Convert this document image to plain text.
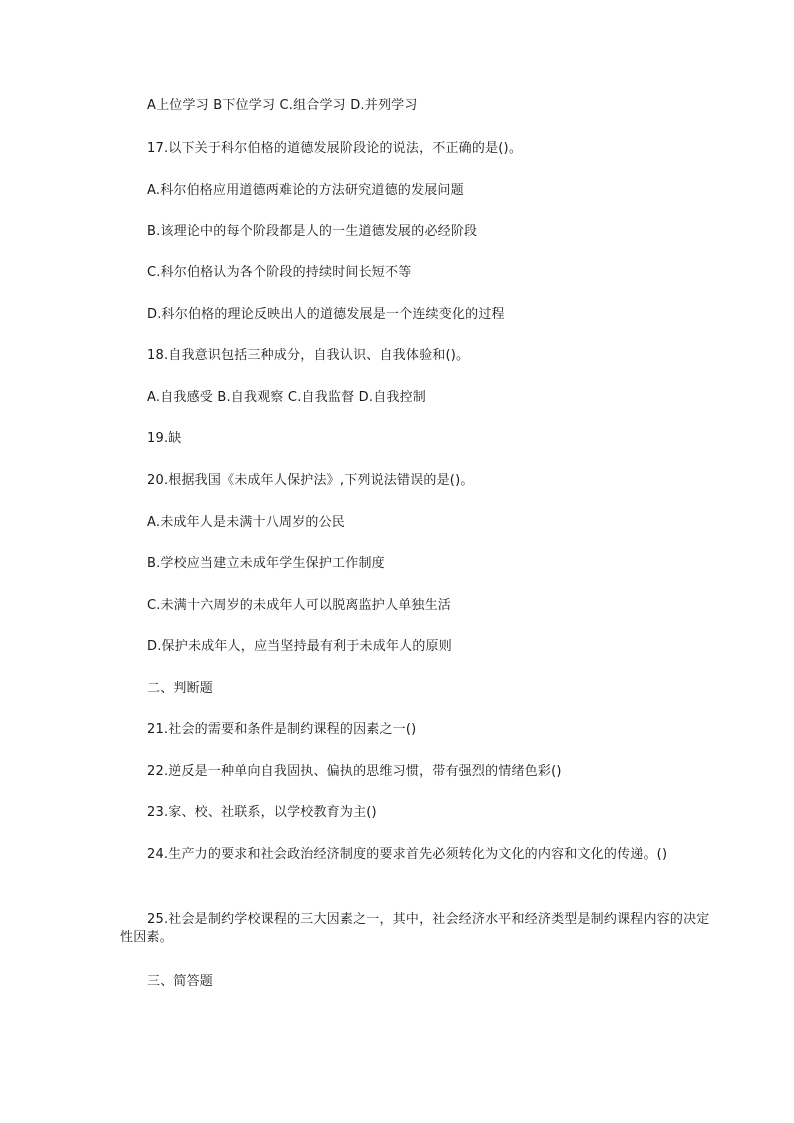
A上位学习 B下位学习 C.组合学习 D.并列学习
17.以下关于科尔伯格的道德发展阶段论的说法，不正确的是()。
A.科尔伯格应用道德两难论的方法研究道德的发展问题
B.该理论中的每个阶段都是人的一生道德发展的必经阶段
C.科尔伯格认为各个阶段的持续时间长短不等
D.科尔伯格的理论反映出人的道德发展是一个连续变化的过程
18.自我意识包括三种成分，自我认识、自我体验和()。
A.自我感受 B.自我观察 C.自我监督 D.自我控制
19.缺
20.根据我国《未成年人保护法》,下列说法错误的是()。
A.未成年人是未满十八周岁的公民
B.学校应当建立未成年学生保护工作制度
C.未满十六周岁的未成年人可以脱离监护人单独生活
D.保护未成年人，应当坚持最有利于未成年人的原则
二、判断题
21.社会的需要和条件是制约课程的因素之一()
22.逆反是一种单向自我固执、偏执的思维习惯，带有强烈的情绪色彩()
23.家、校、社联系，以学校教育为主()
24.生产力的要求和社会政治经济制度的要求首先必须转化为文化的内容和文化的传递。()
25.社会是制约学校课程的三大因素之一，其中，社会经济水平和经济类型是制约课程内容的决定性因素。
三、简答题
